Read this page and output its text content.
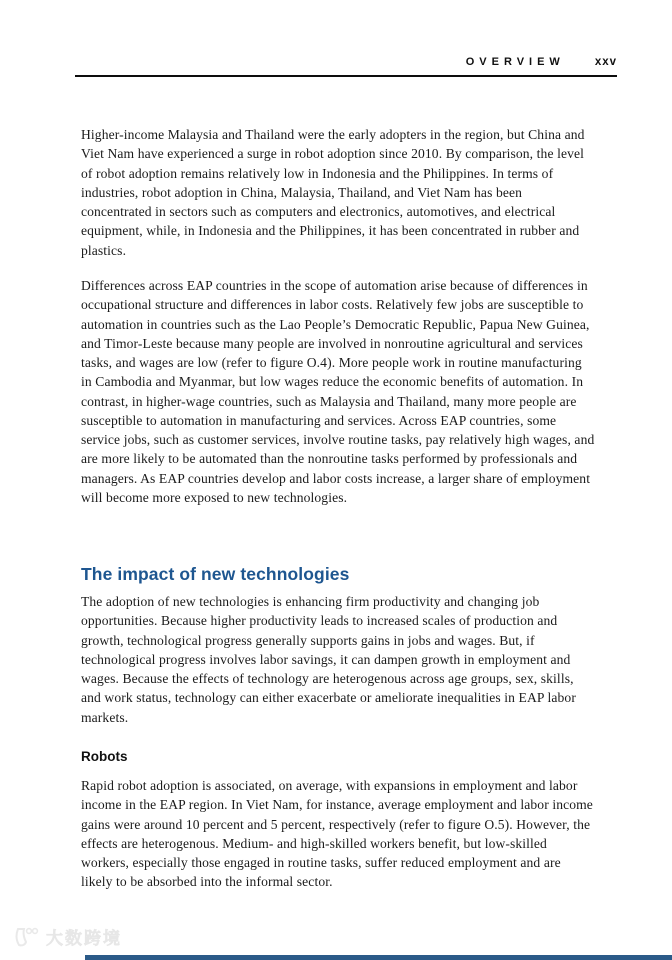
OVERVIEW	xxv

Higher-income Malaysia and Thailand were the early adopters in the region, but China and Viet Nam have experienced a surge in robot adoption since 2010. By comparison, the level of robot adoption remains relatively low in Indonesia and the Philippines. In terms of industries, robot adoption in China, Malaysia, Thailand, and Viet Nam has been concentrated in sectors such as computers and electronics, automotives, and electrical equipment, while, in Indonesia and the Philippines, it has been concentrated in rubber and plastics.

Differences across EAP countries in the scope of automation arise because of differences in occupational structure and differences in labor costs. Relatively few jobs are susceptible to automation in countries such as the Lao People’s Democratic Republic, Papua New Guinea, and Timor-Leste because many people are involved in nonroutine agricultural and services tasks, and wages are low (refer to figure O.4). More people work in routine manufacturing in Cambodia and Myanmar, but low wages reduce the economic benefits of automation. In contrast, in higher-wage countries, such as Malaysia and Thailand, many more people are susceptible to automation in manufacturing and services. Across EAP countries, some service jobs, such as customer services, involve routine tasks, pay relatively high wages, and are more likely to be automated than the nonroutine tasks performed by professionals and managers. As EAP countries develop and labor costs increase, a larger share of employment will become more exposed to new technologies.

The impact of new technologies

The adoption of new technologies is enhancing firm productivity and changing job opportunities. Because higher productivity leads to increased scales of production and growth, technological progress generally supports gains in jobs and wages. But, if technological progress involves labor savings, it can dampen growth in employment and wages. Because the effects of technology are heterogenous across age groups, sex, skills, and work status, technology can either exacerbate or ameliorate inequalities in EAP labor markets.

Robots

Rapid robot adoption is associated, on average, with expansions in employment and labor income in the EAP region. In Viet Nam, for instance, average employment and labor income gains were around 10 percent and 5 percent, respectively (refer to figure O.5). However, the effects are heterogenous. Medium- and high-skilled workers benefit, but low-skilled workers, especially those engaged in routine tasks, suffer reduced employment and are likely to be absorbed into the informal sector.

大数跨境
